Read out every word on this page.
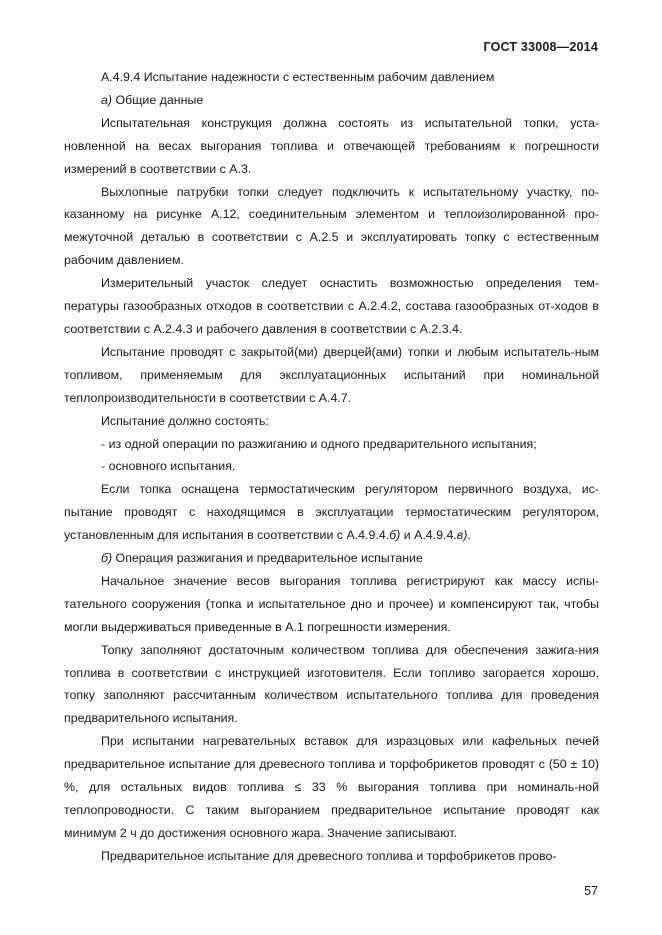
ГОСТ 33008—2014

А.4.9.4 Испытание надежности с естественным рабочим давлением

а) Общие данные

Испытательная конструкция должна состоять из испытательной топки, уста-новленной на весах выгорания топлива и отвечающей требованиям к погрешности измерений в соответствии с А.3.

Выхлопные патрубки топки следует подключить к испытательному участку, по-казанному на рисунке А.12, соединительным элементом и теплоизолированной про-межуточной деталью в соответствии с А.2.5 и эксплуатировать топку с естественным рабочим давлением.

Измерительный участок следует оснастить возможностью определения тем-пературы газообразных отходов в соответствии с А.2.4.2, состава газообразных от-ходов в соответствии с А.2.4.3 и рабочего давления в соответствии с А.2.3.4.

Испытание проводят с закрытой(ми) дверцей(ами) топки и любым испытатель-ным топливом, применяемым для эксплуатационных испытаний при номинальной теплопроизводительности в соответствии с А.4.7.

Испытание должно состоять:

- из одной операции по разжиганию и одного предварительного испытания;

- основного испытания.

Если топка оснащена термостатическим регулятором первичного воздуха, ис-пытание проводят с находящимся в эксплуатации термостатическим регулятором, установленным для испытания в соответствии с А.4.9.4.б) и А.4.9.4.в).

б) Операция разжигания и предварительное испытание

Начальное значение весов выгорания топлива регистрируют как массу испы-тательного сооружения (топка и испытательное дно и прочее) и компенсируют так, чтобы могли выдерживаться приведенные в А.1 погрешности измерения.

Топку заполняют достаточным количеством топлива для обеспечения зажига-ния топлива в соответствии с инструкцией изготовителя. Если топливо загорается хорошо, топку заполняют рассчитанным количеством испытательного топлива для проведения предварительного испытания.

При испытании нагревательных вставок для изразцовых или кафельных печей предварительное испытание для древесного топлива и торфобрикетов проводят с (50 ± 10) %, для остальных видов топлива ≤ 33 % выгорания топлива при номиналь-ной теплопроводности. С таким выгоранием предварительное испытание проводят как минимум 2 ч до достижения основного жара. Значение записывают.

Предварительное испытание для древесного топлива и торфобрикетов прово-

57
